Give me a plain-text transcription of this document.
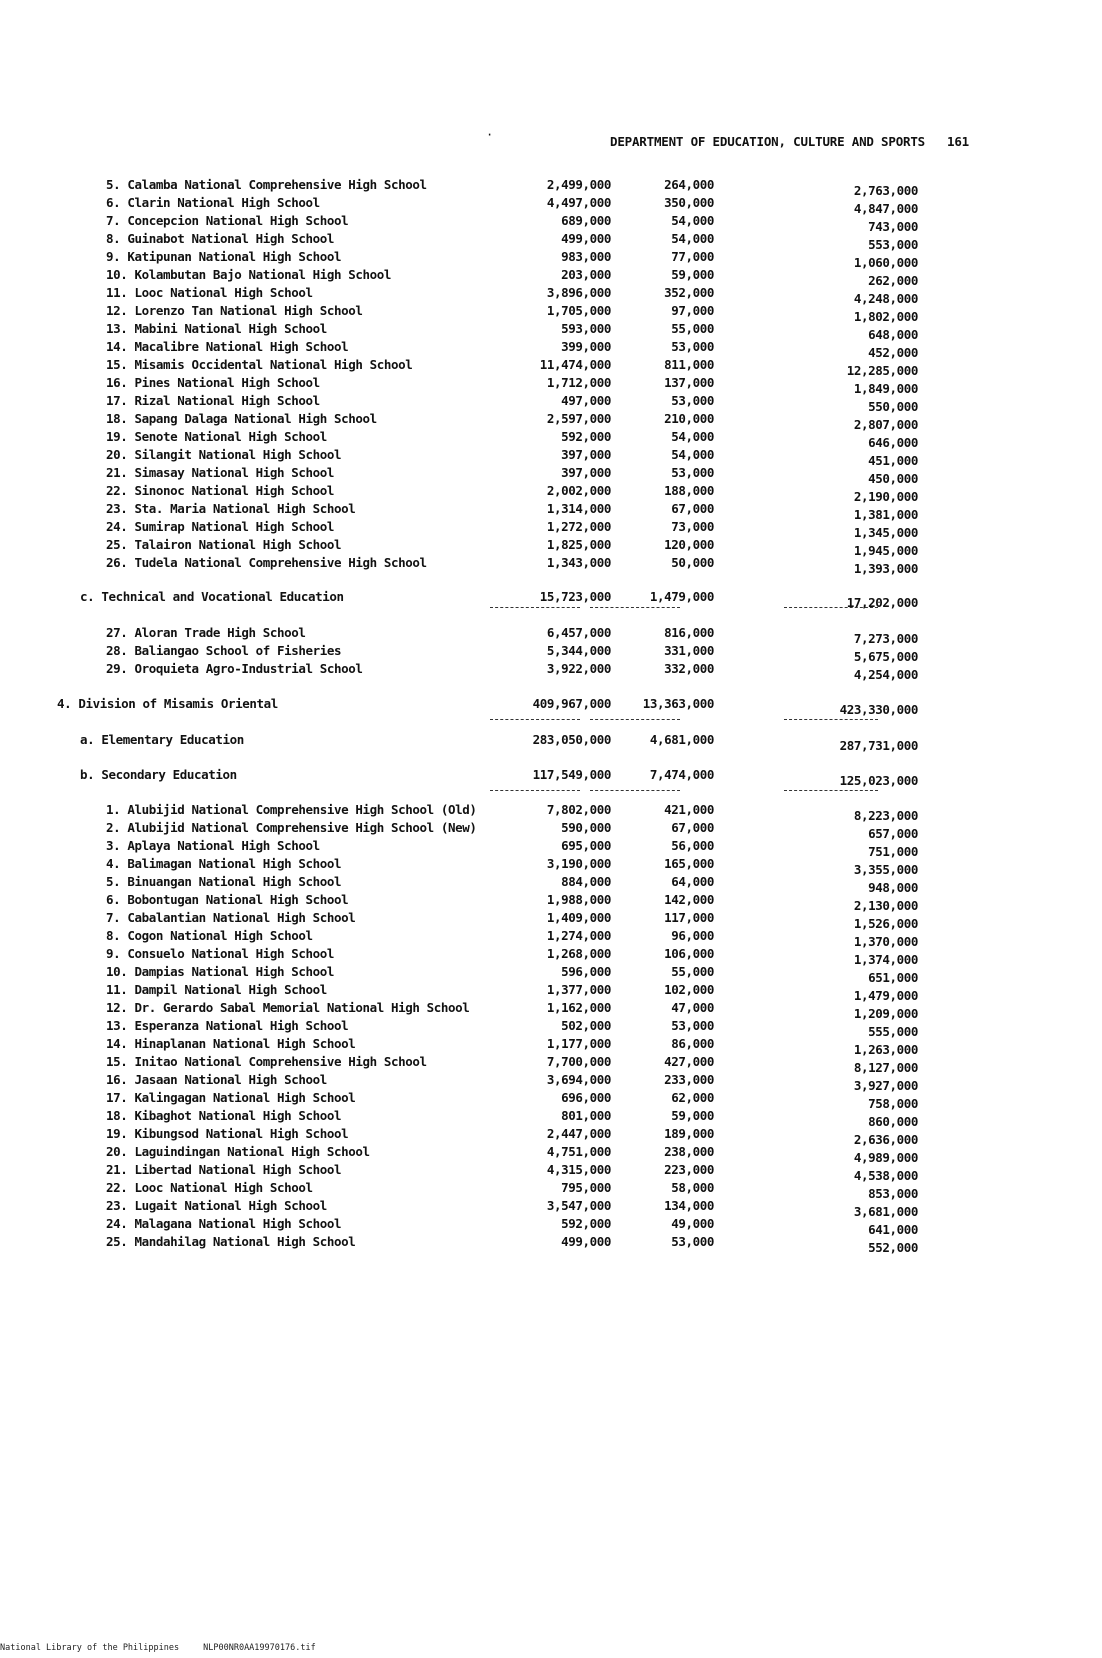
·	DEPARTMENT OF EDUCATION, CULTURE AND SPORTS 161
5. Calamba National Comprehensive High School	2,499,000	264,000	2,763,000
6. Clarin National High School	4,497,000	350,000	4,847,000
7. Concepcion National High School	689,000	54,000	743,000
8. Guinabot National High School	499,000	54,000	553,000
9. Katipunan National High School	983,000	77,000	1,060,000
10. Kolambutan Bajo National High School	203,000	59,000	262,000
11. Looc National High School	3,896,000	352,000	4,248,000
12. Lorenzo Tan National High School	1,705,000	97,000	1,802,000
13. Mabini National High School	593,000	55,000	648,000
14. Macalibre National High School	399,000	53,000	452,000
15. Misamis Occidental National High School	11,474,000	811,000	12,285,000
16. Pines National High School	1,712,000	137,000	1,849,000
17. Rizal National High School	497,000	53,000	550,000
18. Sapang Dalaga National High School	2,597,000	210,000	2,807,000
19. Senote National High School	592,000	54,000	646,000
20. Silangit National High School	397,000	54,000	451,000
21. Simasay National High School	397,000	53,000	450,000
22. Sinonoc National High School	2,002,000	188,000	2,190,000
23. Sta. Maria National High School	1,314,000	67,000	1,381,000
24. Sumirap National High School	1,272,000	73,000	1,345,000
25. Talairon National High School	1,825,000	120,000	1,945,000
26. Tudela National Comprehensive High School	1,343,000	50,000	1,393,000
c. Technical and Vocational Education	15,723,000	1,479,000	17,202,000
27. Aloran Trade High School	6,457,000	816,000	7,273,000
28. Baliangao School of Fisheries	5,344,000	331,000	5,675,000
29. Oroquieta Agro-Industrial School	3,922,000	332,000	4,254,000
4. Division of Misamis Oriental	409,967,000	13,363,000	423,330,000
a. Elementary Education	283,050,000	4,681,000	287,731,000
b. Secondary Education	117,549,000	7,474,000	125,023,000
1. Alubijid National Comprehensive High School (Old)	7,802,000	421,000	8,223,000
2. Alubijid National Comprehensive High School (New)	590,000	67,000	657,000
3. Aplaya National High School	695,000	56,000	751,000
4. Balimagan National High School	3,190,000	165,000	3,355,000
5. Binuangan National High School	884,000	64,000	948,000
6. Bobontugan National High School	1,988,000	142,000	2,130,000
7. Cabalantian National High School	1,409,000	117,000	1,526,000
8. Cogon National High School	1,274,000	96,000	1,370,000
9. Consuelo National High School	1,268,000	106,000	1,374,000
10. Dampias National High School	596,000	55,000	651,000
11. Dampil National High School	1,377,000	102,000	1,479,000
12. Dr. Gerardo Sabal Memorial National High School	1,162,000	47,000	1,209,000
13. Esperanza National High School	502,000	53,000	555,000
14. Hinaplanan National High School	1,177,000	86,000	1,263,000
15. Initao National Comprehensive High School	7,700,000	427,000	8,127,000
16. Jasaan National High School	3,694,000	233,000	3,927,000
17. Kalingagan National High School	696,000	62,000	758,000
18. Kibaghot National High School	801,000	59,000	860,000
19. Kibungsod National High School	2,447,000	189,000	2,636,000
20. Laguindingan National High School	4,751,000	238,000	4,989,000
21. Libertad National High School	4,315,000	223,000	4,538,000
22. Looc National High School	795,000	58,000	853,000
23. Lugait National High School	3,547,000	134,000	3,681,000
24. Malagana National High School	592,000	49,000	641,000
25. Mandahilag National High School	499,000	53,000	552,000
National Library of the Philippines	NLP00NR0AA19970176.tif
